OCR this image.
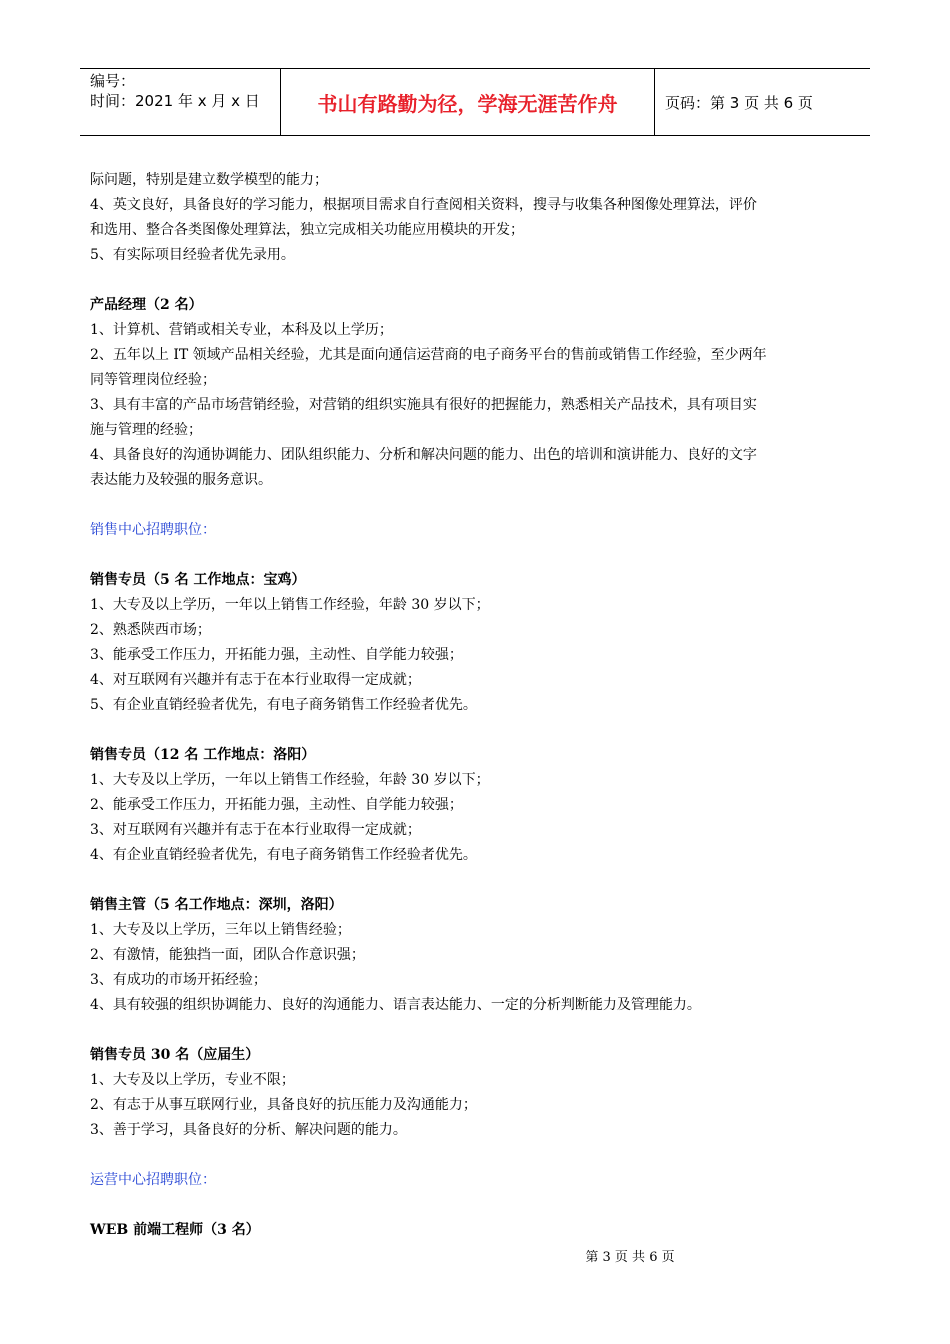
编号：
时间：2021 年 x 月 x 日	书山有路勤为径，学海无涯苦作舟	页码：第 3 页 共 6 页

际问题，特别是建立数学模型的能力；

4、英文良好，具备良好的学习能力，根据项目需求自行查阅相关资料，搜寻与收集各种图像处理算法，评价

和选用、整合各类图像处理算法，独立完成相关功能应用模块的开发；

5、有实际项目经验者优先录用。

产品经理（2 名）

1、计算机、营销或相关专业，本科及以上学历；

2、五年以上 IT 领域产品相关经验，尤其是面向通信运营商的电子商务平台的售前或销售工作经验，至少两年

同等管理岗位经验；

3、具有丰富的产品市场营销经验，对营销的组织实施具有很好的把握能力，熟悉相关产品技术，具有项目实

施与管理的经验；

4、具备良好的沟通协调能力、团队组织能力、分析和解决问题的能力、出色的培训和演讲能力、良好的文字

表达能力及较强的服务意识。

销售中心招聘职位：

销售专员（5 名 工作地点：宝鸡）

1、大专及以上学历，一年以上销售工作经验，年龄 30 岁以下；

2、熟悉陕西市场；

3、能承受工作压力，开拓能力强，主动性、自学能力较强；

4、对互联网有兴趣并有志于在本行业取得一定成就；

5、有企业直销经验者优先，有电子商务销售工作经验者优先。

销售专员（12 名 工作地点：洛阳）

1、大专及以上学历，一年以上销售工作经验，年龄 30 岁以下；

2、能承受工作压力，开拓能力强，主动性、自学能力较强；

3、对互联网有兴趣并有志于在本行业取得一定成就；

4、有企业直销经验者优先，有电子商务销售工作经验者优先。

销售主管（5 名工作地点：深圳，洛阳）

1、大专及以上学历，三年以上销售经验；

2、有激情，能独挡一面，团队合作意识强；

3、有成功的市场开拓经验；

4、具有较强的组织协调能力、良好的沟通能力、语言表达能力、一定的分析判断能力及管理能力。

销售专员 30 名（应届生）

1、大专及以上学历，专业不限；

2、有志于从事互联网行业，具备良好的抗压能力及沟通能力；

3、善于学习，具备良好的分析、解决问题的能力。

运营中心招聘职位：

WEB 前端工程师（3 名）

第 3 页 共 6 页
